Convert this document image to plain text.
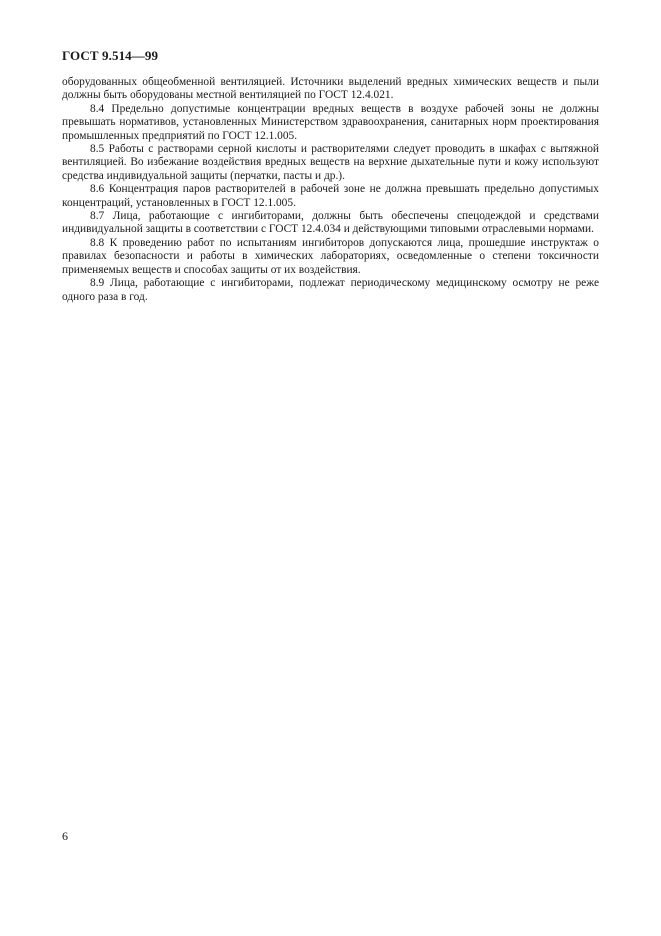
ГОСТ 9.514—99

оборудованных общеобменной вентиляцией. Источники выделений вредных химических веществ и пыли должны быть оборудованы местной вентиляцией по ГОСТ 12.4.021.

8.4 Предельно допустимые концентрации вредных веществ в воздухе рабочей зоны не должны превышать нормативов, установленных Министерством здравоохранения, санитарных норм проектирования промышленных предприятий по ГОСТ 12.1.005.

8.5 Работы с растворами серной кислоты и растворителями следует проводить в шкафах с вытяжной вентиляцией. Во избежание воздействия вредных веществ на верхние дыхательные пути и кожу используют средства индивидуальной защиты (перчатки, пасты и др.).

8.6 Концентрация паров растворителей в рабочей зоне не должна превышать предельно допустимых концентраций, установленных в ГОСТ 12.1.005.

8.7 Лица, работающие с ингибиторами, должны быть обеспечены спецодеждой и средствами индивидуальной защиты в соответствии с ГОСТ 12.4.034 и действующими типовыми отраслевыми нормами.

8.8 К проведению работ по испытаниям ингибиторов допускаются лица, прошедшие инструктаж о правилах безопасности и работы в химических лабораториях, осведомленные о степени токсичности применяемых веществ и способах защиты от их воздействия.

8.9 Лица, работающие с ингибиторами, подлежат периодическому медицинскому осмотру не реже одного раза в год.

6
